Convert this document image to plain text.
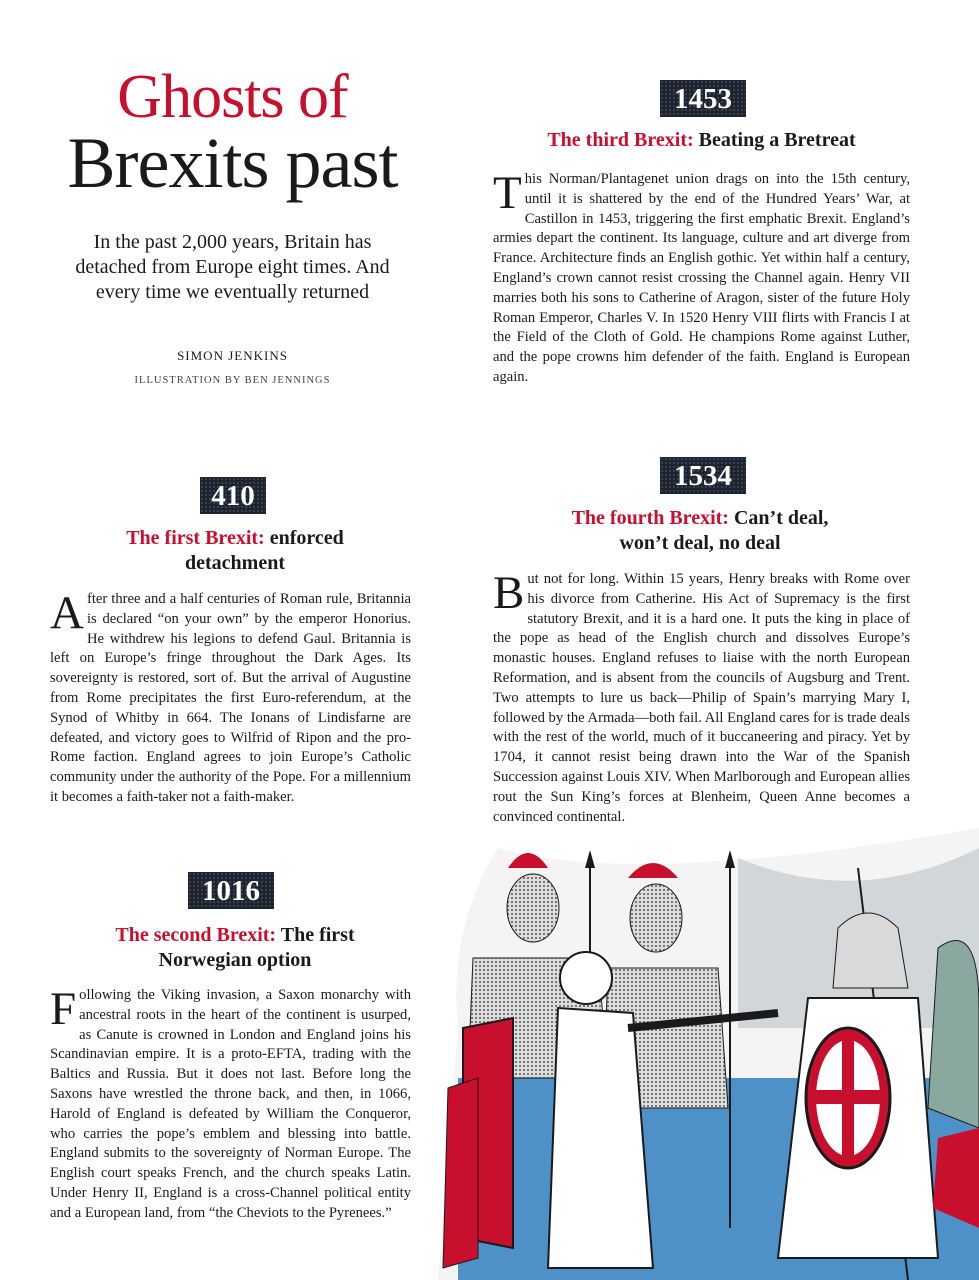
Ghosts of
Brexits past
In the past 2,000 years, Britain has detached from Europe eight times. And every time we eventually returned
SIMON JENKINS
ILLUSTRATION BY BEN JENNINGS
1453
The third Brexit: Beating a Bretreat
This Norman/Plantagenet union drags on into the 15th century, until it is shattered by the end of the Hundred Years’ War, at Castillon in 1453, triggering the first emphatic Brexit. England’s armies depart the continent. Its language, culture and art diverge from France. Architecture finds an English gothic. Yet within half a century, England’s crown cannot resist crossing the Channel again. Henry VII marries both his sons to Catherine of Aragon, sister of the future Holy Roman Emperor, Charles V. In 1520 Henry VIII flirts with Francis I at the Field of the Cloth of Gold. He champions Rome against Luther, and the pope crowns him defender of the faith. England is European again.
410
The first Brexit: enforced detachment
After three and a half centuries of Roman rule, Britannia is declared “on your own” by the emperor Honorius. He withdrew his legions to defend Gaul. Britannia is left on Europe’s fringe throughout the Dark Ages. Its sovereignty is restored, sort of. But the arrival of Augustine from Rome precipitates the first Euro-referendum, at the Synod of Whitby in 664. The Ionans of Lindisfarne are defeated, and victory goes to Wilfrid of Ripon and the pro-Rome faction. England agrees to join Europe’s Catholic community under the authority of the Pope. For a millennium it becomes a faith-taker not a faith-maker.
1534
The fourth Brexit: Can’t deal, won’t deal, no deal
But not for long. Within 15 years, Henry breaks with Rome over his divorce from Catherine. His Act of Supremacy is the first statutory Brexit, and it is a hard one. It puts the king in place of the pope as head of the English church and dissolves Europe’s monastic houses. England refuses to liaise with the north European Reformation, and is absent from the councils of Augsburg and Trent. Two attempts to lure us back—Philip of Spain’s marrying Mary I, followed by the Armada—both fail. All England cares for is trade deals with the rest of the world, much of it buccaneering and piracy. Yet by 1704, it cannot resist being drawn into the War of the Spanish Succession against Louis XIV. When Marlborough and European allies rout the Sun King’s forces at Blenheim, Queen Anne becomes a convinced continental.
1016
The second Brexit: The first Norwegian option
Following the Viking invasion, a Saxon monarchy with ancestral roots in the heart of the continent is usurped, as Canute is crowned in London and England joins his Scandinavian empire. It is a proto-EFTA, trading with the Baltics and Russia. But it does not last. Before long the Saxons have wrestled the throne back, and then, in 1066, Harold of England is defeated by William the Conqueror, who carries the pope’s emblem and blessing into battle. England submits to the sovereignty of Norman Europe. The English court speaks French, and the church speaks Latin. Under Henry II, England is a cross-Channel political entity and a European land, from “the Cheviots to the Pyrenees.”
